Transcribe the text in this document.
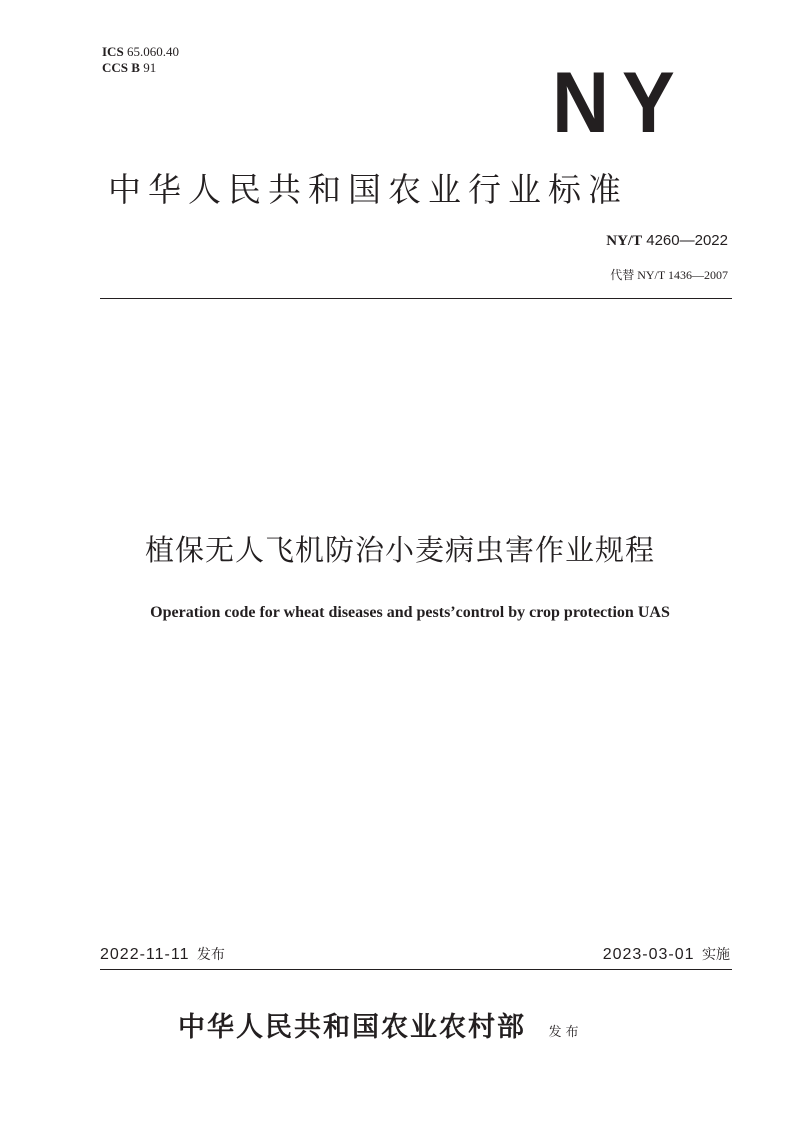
ICS 65.060.40
CCS B 91	NY
中华人民共和国农业行业标准
NY/T 4260—2022
代替 NY/T 1436—2007
植保无人飞机防治小麦病虫害作业规程
Operation code for wheat diseases and pests’control by crop protection UAS
2022-11-11 发布	2023-03-01 实施
中华人民共和国农业农村部 发布
